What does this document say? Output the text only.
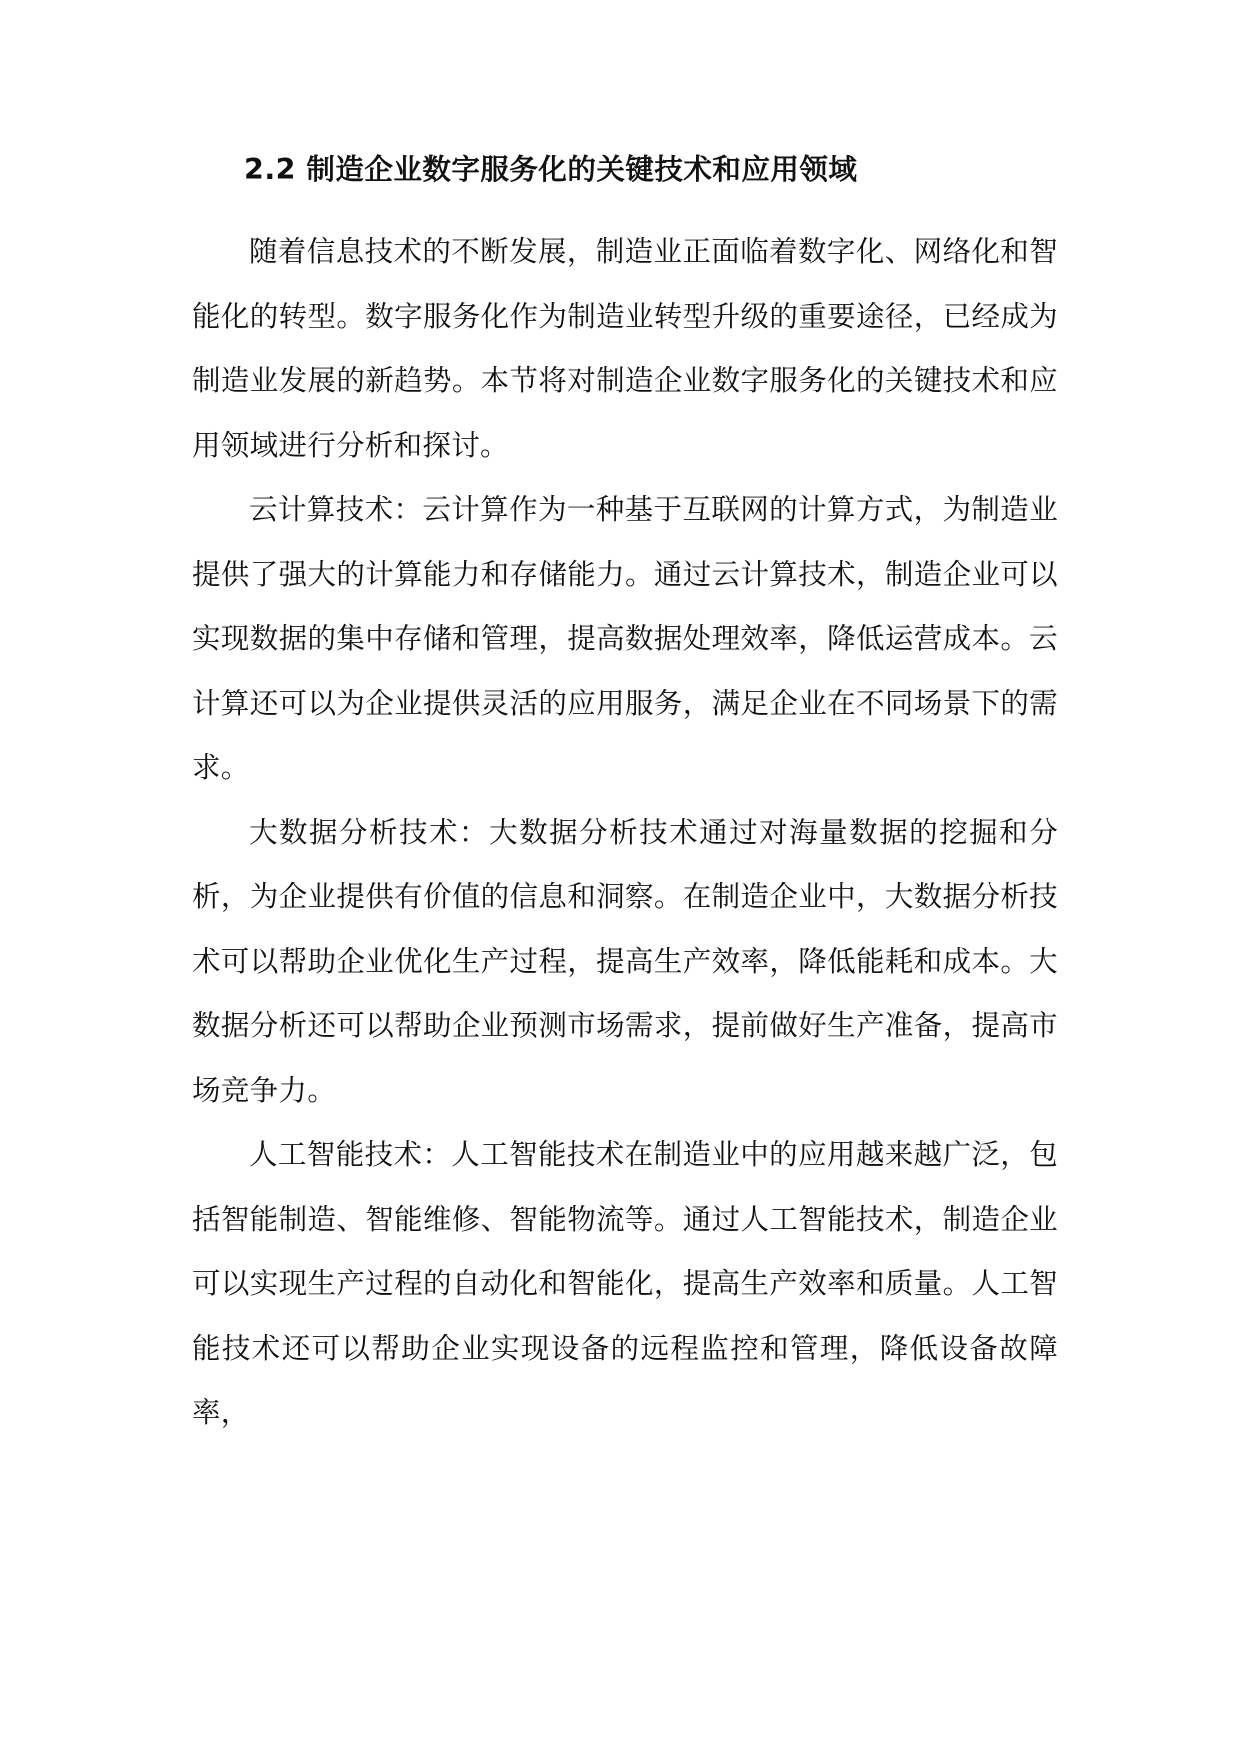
2.2 制造企业数字服务化的关键技术和应用领域

随着信息技术的不断发展，制造业正面临着数字化、网络化和智能化的转型。数字服务化作为制造业转型升级的重要途径，已经成为制造业发展的新趋势。本节将对制造企业数字服务化的关键技术和应用领域进行分析和探讨。

云计算技术：云计算作为一种基于互联网的计算方式，为制造业提供了强大的计算能力和存储能力。通过云计算技术，制造企业可以实现数据的集中存储和管理，提高数据处理效率，降低运营成本。云计算还可以为企业提供灵活的应用服务，满足企业在不同场景下的需求。

大数据分析技术：大数据分析技术通过对海量数据的挖掘和分析，为企业提供有价值的信息和洞察。在制造企业中，大数据分析技术可以帮助企业优化生产过程，提高生产效率，降低能耗和成本。大数据分析还可以帮助企业预测市场需求，提前做好生产准备，提高市场竞争力。

人工智能技术：人工智能技术在制造业中的应用越来越广泛，包括智能制造、智能维修、智能物流等。通过人工智能技术，制造企业可以实现生产过程的自动化和智能化，提高生产效率和质量。人工智能技术还可以帮助企业实现设备的远程监控和管理，降低设备故障率，
